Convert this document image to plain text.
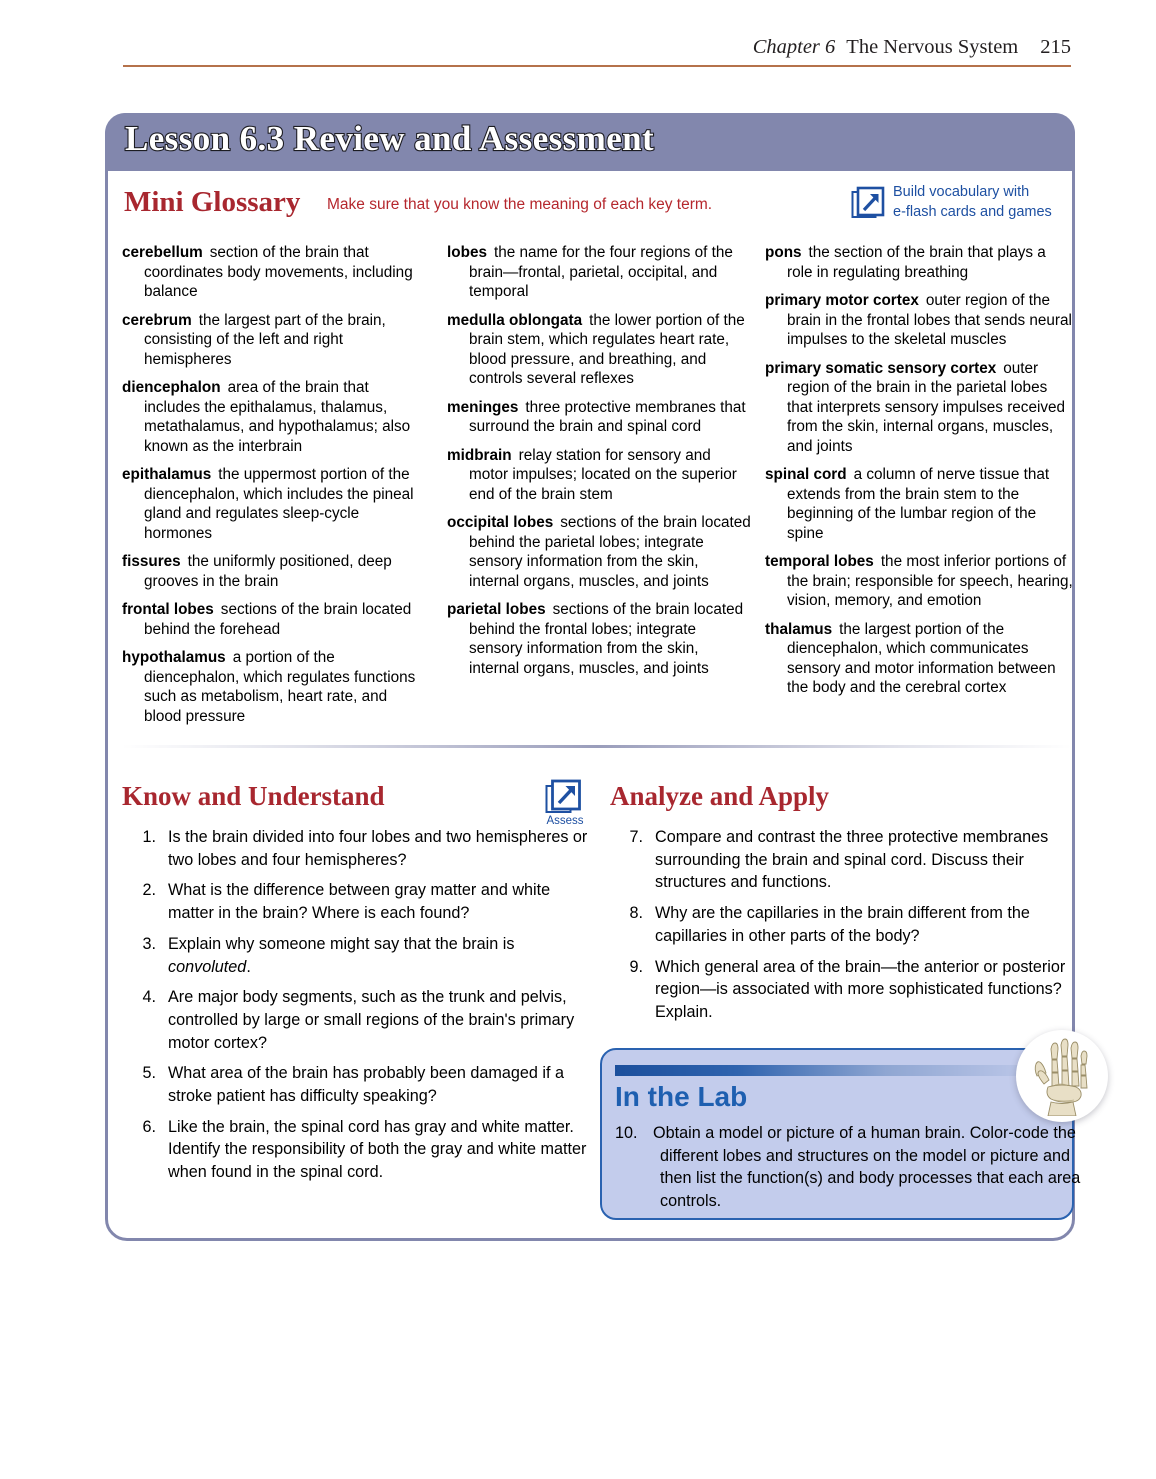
Chapter 6 The Nervous System 215
Lesson 6.3 Review and Assessment
Mini Glossary Make sure that you know the meaning of each key term.
Build vocabulary with
e-flash cards and games

cerebellum section of the brain that coordinates body movements, including balance

cerebrum the largest part of the brain, consisting of the left and right hemispheres

diencephalon area of the brain that includes the epithalamus, thalamus, metathalamus, and hypothalamus; also known as the interbrain

epithalamus the uppermost portion of the diencephalon, which includes the pineal gland and regulates sleep-cycle hormones

fissures the uniformly positioned, deep grooves in the brain

frontal lobes sections of the brain located behind the forehead

hypothalamus a portion of the diencephalon, which regulates functions such as metabolism, heart rate, and blood pressure

lobes the name for the four regions of the brain—frontal, parietal, occipital, and temporal

medulla oblongata the lower portion of the brain stem, which regulates heart rate, blood pressure, and breathing, and controls several reflexes

meninges three protective membranes that surround the brain and spinal cord

midbrain relay station for sensory and motor impulses; located on the superior end of the brain stem

occipital lobes sections of the brain located behind the parietal lobes; integrate sensory information from the skin, internal organs, muscles, and joints

parietal lobes sections of the brain located behind the frontal lobes; integrate sensory information from the skin, internal organs, muscles, and joints

pons the section of the brain that plays a role in regulating breathing

primary motor cortex outer region of the brain in the frontal lobes that sends neural impulses to the skeletal muscles

primary somatic sensory cortex outer region of the brain in the parietal lobes that interprets sensory impulses received from the skin, internal organs, muscles, and joints

spinal cord a column of nerve tissue that extends from the brain stem to the beginning of the lumbar region of the spine

temporal lobes the most inferior portions of the brain; responsible for speech, hearing, vision, memory, and emotion

thalamus the largest portion of the diencephalon, which communicates sensory and motor information between the body and the cerebral cortex

Know and Understand
Assess
1. Is the brain divided into four lobes and two hemispheres or two lobes and four hemispheres?
2. What is the difference between gray matter and white matter in the brain? Where is each found?
3. Explain why someone might say that the brain is convoluted.
4. Are major body segments, such as the trunk and pelvis, controlled by large or small regions of the brain's primary motor cortex?
5. What area of the brain has probably been damaged if a stroke patient has difficulty speaking?
6. Like the brain, the spinal cord has gray and white matter. Identify the responsibility of both the gray and white matter when found in the spinal cord.
Analyze and Apply
7. Compare and contrast the three protective membranes surrounding the brain and spinal cord. Discuss their structures and functions.
8. Why are the capillaries in the brain different from the capillaries in other parts of the body?
9. Which general area of the brain—the anterior or posterior region—is associated with more sophisticated functions? Explain.
In the Lab
10. Obtain a model or picture of a human brain. Color-code the different lobes and structures on the model or picture and then list the function(s) and body processes that each area controls.
